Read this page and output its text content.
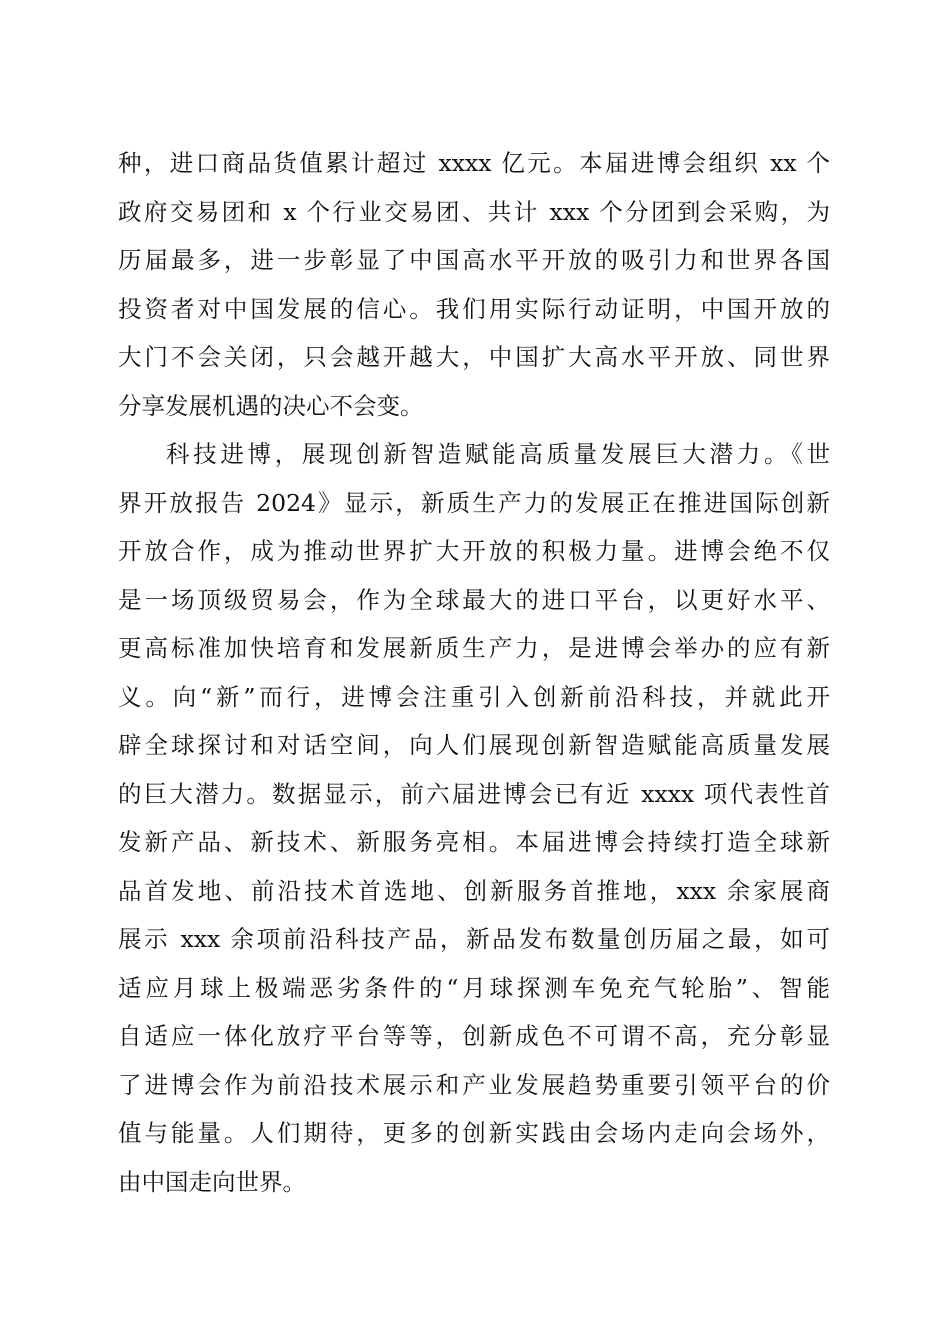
种，进口商品货值累计超过 xxxx 亿元。本届进博会组织 xx 个
政府交易团和 x 个行业交易团、共计 xxx 个分团到会采购，为
历届最多，进一步彰显了中国高水平开放的吸引力和世界各国
投资者对中国发展的信心。我们用实际行动证明，中国开放的
大门不会关闭，只会越开越大，中国扩大高水平开放、同世界
分享发展机遇的决心不会变。
科技进博，展现创新智造赋能高质量发展巨大潜力。《世
界开放报告 2024》显示，新质生产力的发展正在推进国际创新
开放合作，成为推动世界扩大开放的积极力量。进博会绝不仅
是一场顶级贸易会，作为全球最大的进口平台，以更好水平、
更高标准加快培育和发展新质生产力，是进博会举办的应有新
义。向“新”而行，进博会注重引入创新前沿科技，并就此开
辟全球探讨和对话空间，向人们展现创新智造赋能高质量发展
的巨大潜力。数据显示，前六届进博会已有近 xxxx 项代表性首
发新产品、新技术、新服务亮相。本届进博会持续打造全球新
品首发地、前沿技术首选地、创新服务首推地，xxx 余家展商
展示 xxx 余项前沿科技产品，新品发布数量创历届之最，如可
适应月球上极端恶劣条件的“月球探测车免充气轮胎”、智能
自适应一体化放疗平台等等，创新成色不可谓不高，充分彰显
了进博会作为前沿技术展示和产业发展趋势重要引领平台的价
值与能量。人们期待，更多的创新实践由会场内走向会场外，
由中国走向世界。
